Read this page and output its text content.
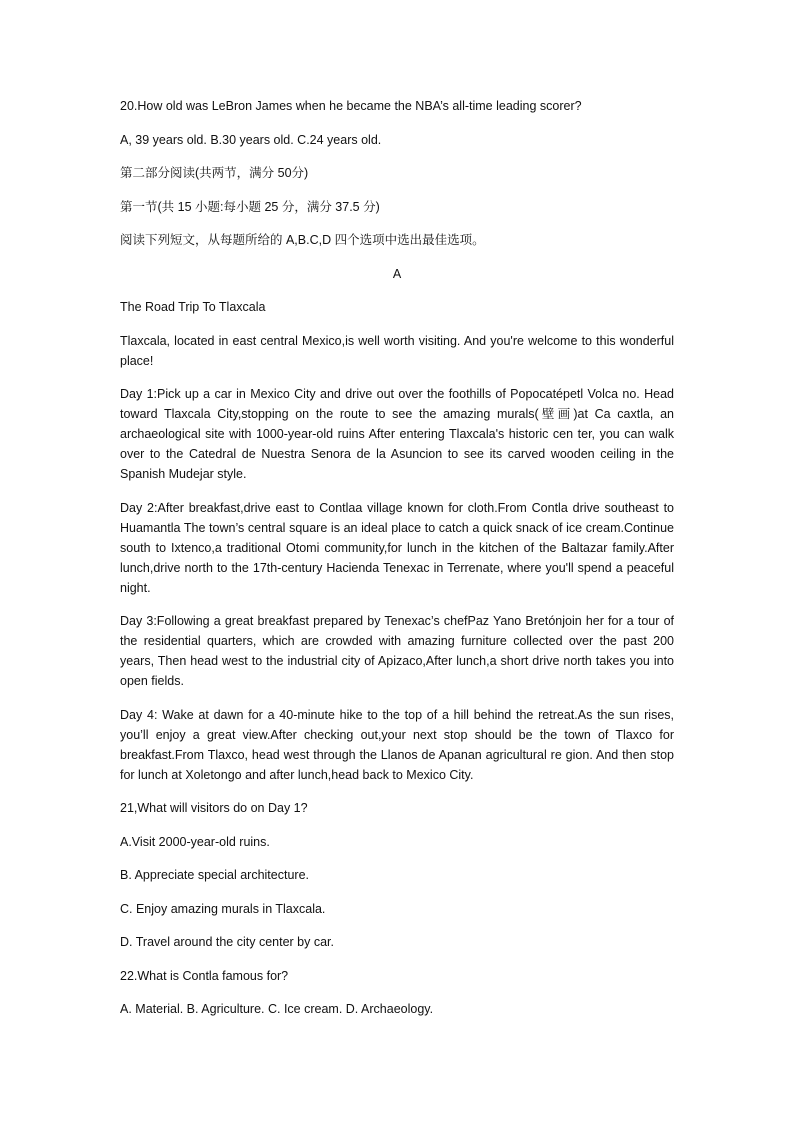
20.How old was LeBron James when he became the NBA’s all-time leading scorer?

A, 39 years old. B.30 years old. C.24 years old.

第二部分阅读(共两节，满分 50分)

第一节(共 15 小题:每小题 25 分，满分 37.5 分)

阅读下列短文，从每题所给的 A,B.C,D 四个选项中选出最佳选项。

A

The Road Trip To Tlaxcala

Tlaxcala, located in east central Mexico,is well worth visiting. And you're welcome to this wonderful place!

Day 1:Pick up a car in Mexico City and drive out over the foothills of Popocatépetl Volca no. Head toward Tlaxcala City,stopping on the route to see the amazing murals(壁画)at Ca caxtla, an archaeological site with 1000-year-old ruins After entering Tlaxcala's historic cen ter, you can walk over to the Catedral de Nuestra Senora de la Asuncion to see its carved wooden ceiling in the Spanish Mudejar style.

Day 2:After breakfast,drive east to Contlaa village known for cloth.From Contla drive southeast to Huamantla The town’s central square is an ideal place to catch a quick snack of ice cream.Continue south to Ixtenco,a traditional Otomi community,for lunch in the kitchen of the Baltazar family.After lunch,drive north to the 17th-century Hacienda Tenexac in Terrenate, where you'll spend a peaceful night.

Day 3:Following a great breakfast prepared by Tenexac’s chefPaz Yano Bretónjoin her for a tour of the residential quarters, which are crowded with amazing furniture collected over the past 200 years, Then head west to the industrial city of Apizaco,After lunch,a short drive north takes you into open fields.

Day 4: Wake at dawn for a 40-minute hike to the top of a hill behind the retreat.As the sun rises, you’ll enjoy a great view.After checking out,your next stop should be the town of Tlaxco for breakfast.From Tlaxco, head west through the Llanos de Apanan agricultural re gion. And then stop for lunch at Xoletongo and after lunch,head back to Mexico City.

21,What will visitors do on Day 1?

A.Visit 2000-year-old ruins.

B. Appreciate special architecture.

C. Enjoy amazing murals in Tlaxcala.

D. Travel around the city center by car.

22.What is Contla famous for?

A. Material. B. Agriculture. C. Ice cream. D. Archaeology.
